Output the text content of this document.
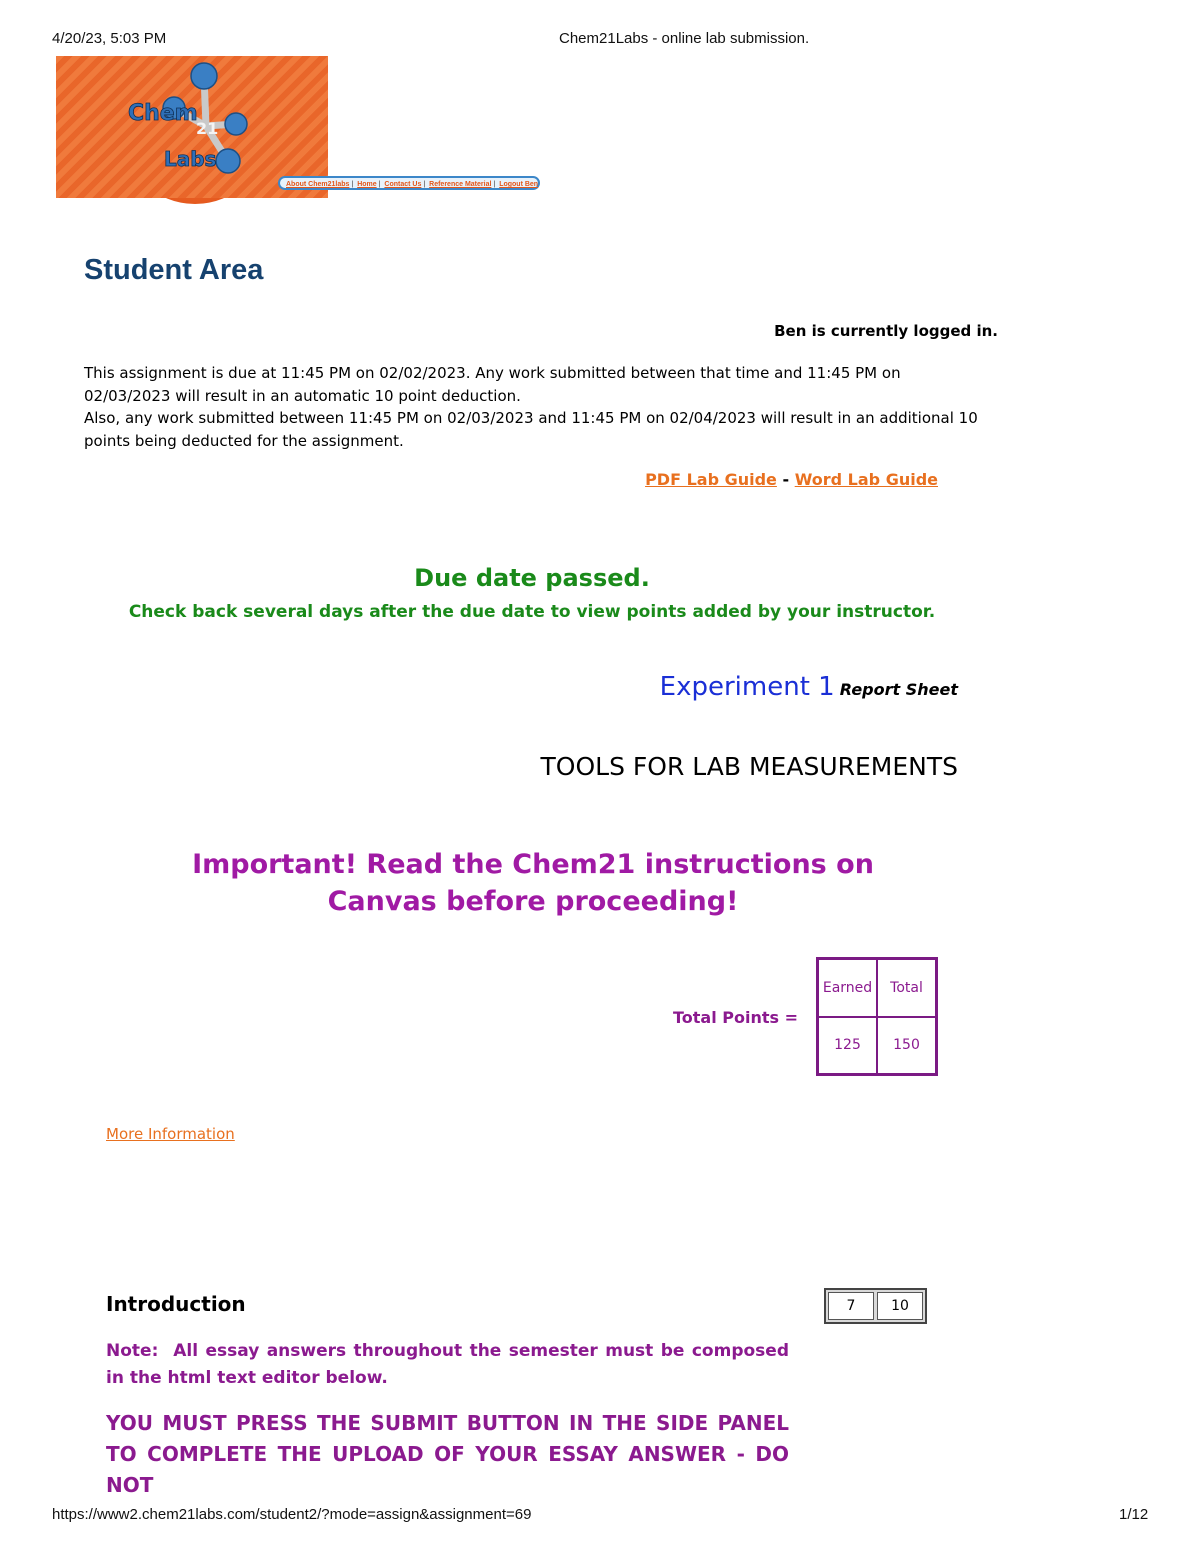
4/20/23, 5:03 PM	Chem21Labs - online lab submission.
Chem
21
Labs
About Chem21labs | Home | Contact Us | Reference Material | Logout Ben
Student Area
Ben is currently logged in.
This assignment is due at 11:45 PM on 02/02/2023. Any work submitted between that time and 11:45 PM on 02/03/2023 will result in an automatic 10 point deduction.
Also, any work submitted between 11:45 PM on 02/03/2023 and 11:45 PM on 02/04/2023 will result in an additional 10 points being deducted for the assignment.
PDF Lab Guide - Word Lab Guide
Due date passed.
Check back several days after the due date to view points added by your instructor.
Experiment 1 Report Sheet
TOOLS FOR LAB MEASUREMENTS
Important! Read the Chem21 instructions on Canvas before proceeding!
Total Points =
Earned	Total
125	150
More Information
Introduction	7	10
Note: All essay answers throughout the semester must be composed in the html text editor below.
YOU MUST PRESS THE SUBMIT BUTTON IN THE SIDE PANEL TO COMPLETE THE UPLOAD OF YOUR ESSAY ANSWER - DO NOT
https://www2.chem21labs.com/student2/?mode=assign&assignment=69	1/12
